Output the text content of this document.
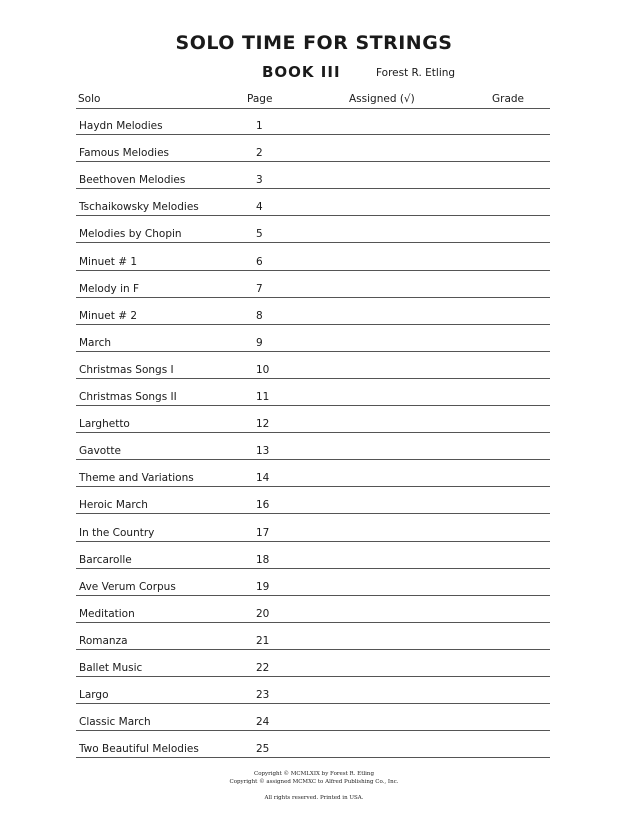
SOLO TIME FOR STRINGS
BOOK III	Forest R. Etling
Solo	Page	Assigned (√)	Grade
Haydn Melodies	1
Famous Melodies	2
Beethoven Melodies	3
Tschaikowsky Melodies	4
Melodies by Chopin	5
Minuet # 1	6
Melody in F	7
Minuet # 2	8
March	9
Christmas Songs I	10
Christmas Songs II	11
Larghetto	12
Gavotte	13
Theme and Variations	14
Heroic March	16
In the Country	17
Barcarolle	18
Ave Verum Corpus	19
Meditation	20
Romanza	21
Ballet Music	22
Largo	23
Classic March	24
Two Beautiful Melodies	25
Copyright © MCMLXIX by Forest R. Etling
Copyright © assigned MCMXC to Alfred Publishing Co., Inc.
All rights reserved. Printed in USA.
